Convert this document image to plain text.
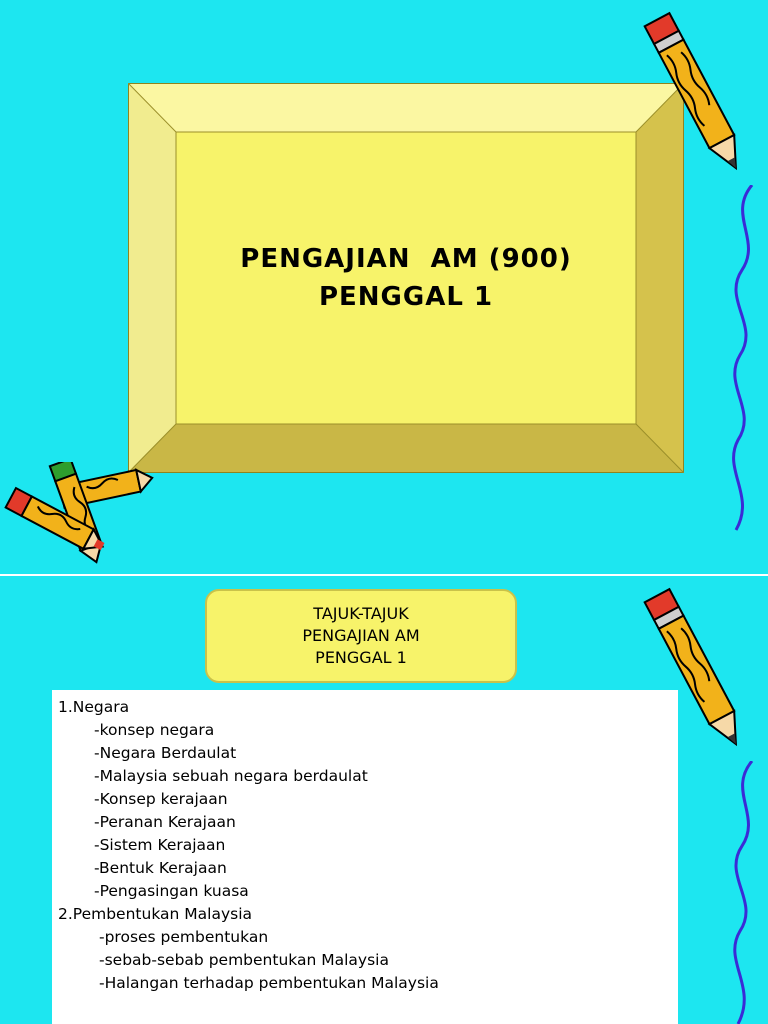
PENGAJIAN  AM (900)
PENGGAL 1
TAJUK-TAJUK
PENGAJIAN AM
PENGGAL 1
1.Negara
-konsep negara
-Negara Berdaulat
-Malaysia sebuah negara berdaulat
-Konsep kerajaan
-Peranan Kerajaan
-Sistem Kerajaan
-Bentuk Kerajaan
-Pengasingan kuasa
2.Pembentukan Malaysia
-proses pembentukan
-sebab-sebab pembentukan Malaysia
-Halangan terhadap pembentukan Malaysia
